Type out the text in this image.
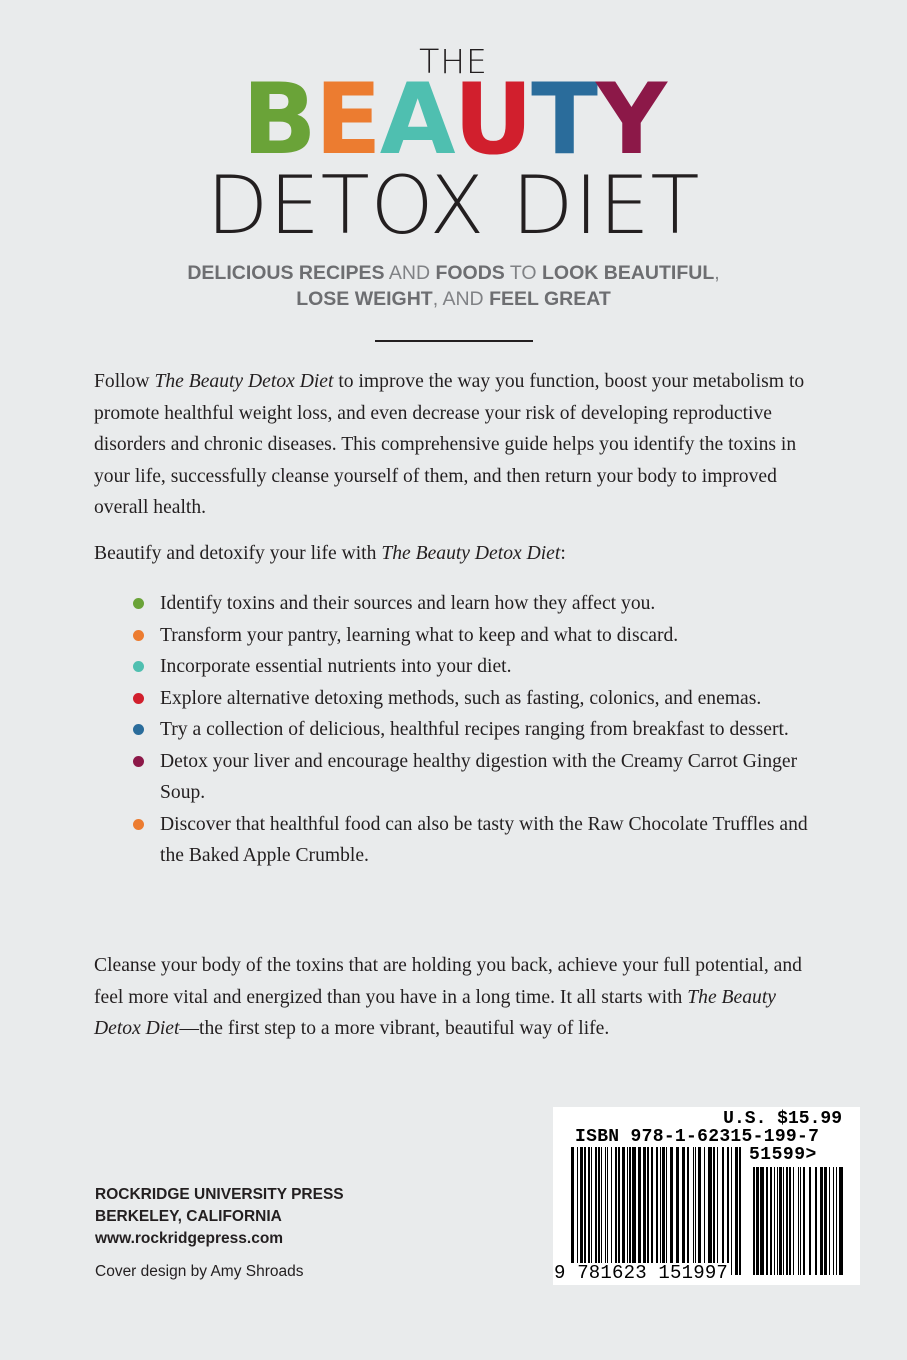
THE
BEAUTY
DETOX DIET
DELICIOUS RECIPES AND FOODS TO LOOK BEAUTIFUL,
LOSE WEIGHT, AND FEEL GREAT
Follow The Beauty Detox Diet to improve the way you function, boost your metabolism to promote healthful weight loss, and even decrease your risk of developing reproductive disorders and chronic diseases. This comprehensive guide helps you identify the toxins in your life, successfully cleanse yourself of them, and then return your body to improved overall health.
Beautify and detoxify your life with The Beauty Detox Diet:
Identify toxins and their sources and learn how they affect you.
Transform your pantry, learning what to keep and what to discard.
Incorporate essential nutrients into your diet.
Explore alternative detoxing methods, such as fasting, colonics, and enemas.
Try a collection of delicious, healthful recipes ranging from breakfast to dessert.
Detox your liver and encourage healthy digestion with the Creamy Carrot Ginger Soup.
Discover that healthful food can also be tasty with the Raw Chocolate Truffles and the Baked Apple Crumble.
Cleanse your body of the toxins that are holding you back, achieve your full potential, and feel more vital and energized than you have in a long time. It all starts with The Beauty Detox Diet—the first step to a more vibrant, beautiful way of life.
ROCKRIDGE UNIVERSITY PRESS
BERKELEY, CALIFORNIA
www.rockridgepress.com
Cover design by Amy Shroads
U.S. $15.99
ISBN 978-1-62315-199-7
51599>
9 781623 151997
